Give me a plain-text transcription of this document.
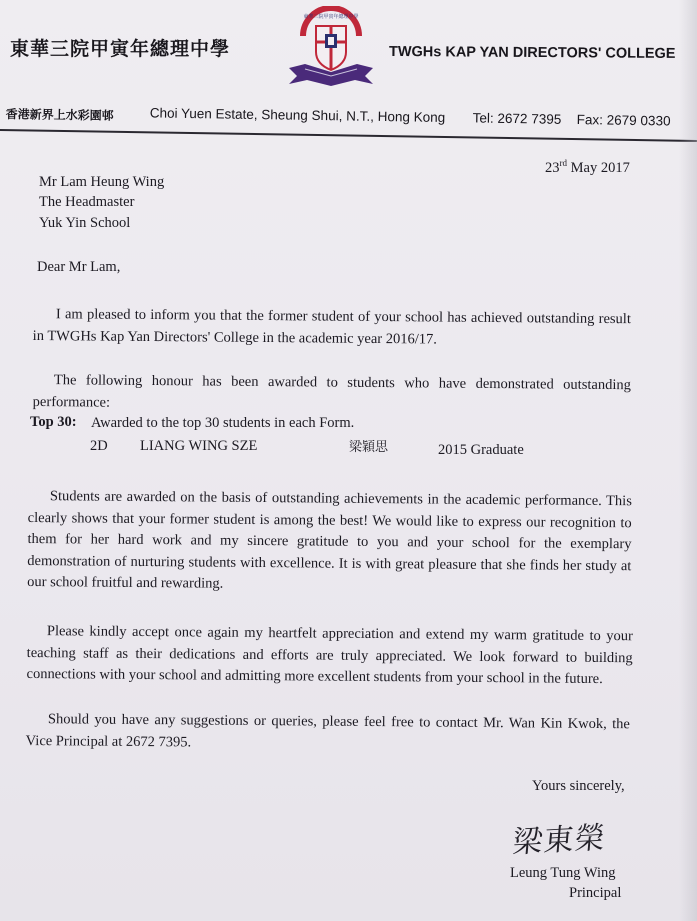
東華三院甲寅年總理中學
東華三院甲寅年總理中學
TWGHs KAP YAN DIRECTORS' COLLEGE
香港新界上水彩園邨	Choi Yuen Estate, Sheung Shui, N.T., Hong Kong Tel: 2672 7395 Fax: 2679 0330
23rd May 2017
Mr Lam Heung Wing
The Headmaster
Yuk Yin School
Dear Mr Lam,
I am pleased to inform you that the former student of your school has achieved outstanding result in TWGHs Kap Yan Directors' College in the academic year 2016/17.
The following honour has been awarded to students who have demonstrated outstanding performance:
Top 30: Awarded to the top 30 students in each Form.
2D LIANG WING SZE	梁穎思	2015 Graduate
Students are awarded on the basis of outstanding achievements in the academic performance. This clearly shows that your former student is among the best! We would like to express our recognition to them for her hard work and my sincere gratitude to you and your school for the exemplary demonstration of nurturing students with excellence. It is with great pleasure that she finds her study at our school fruitful and rewarding.
Please kindly accept once again my heartfelt appreciation and extend my warm gratitude to your teaching staff as their dedications and efforts are truly appreciated. We look forward to building connections with your school and admitting more excellent students from your school in the future.
Should you have any suggestions or queries, please feel free to contact Mr. Wan Kin Kwok, the Vice Principal at 2672 7395.
Yours sincerely,
梁東榮
Leung Tung Wing
Principal
